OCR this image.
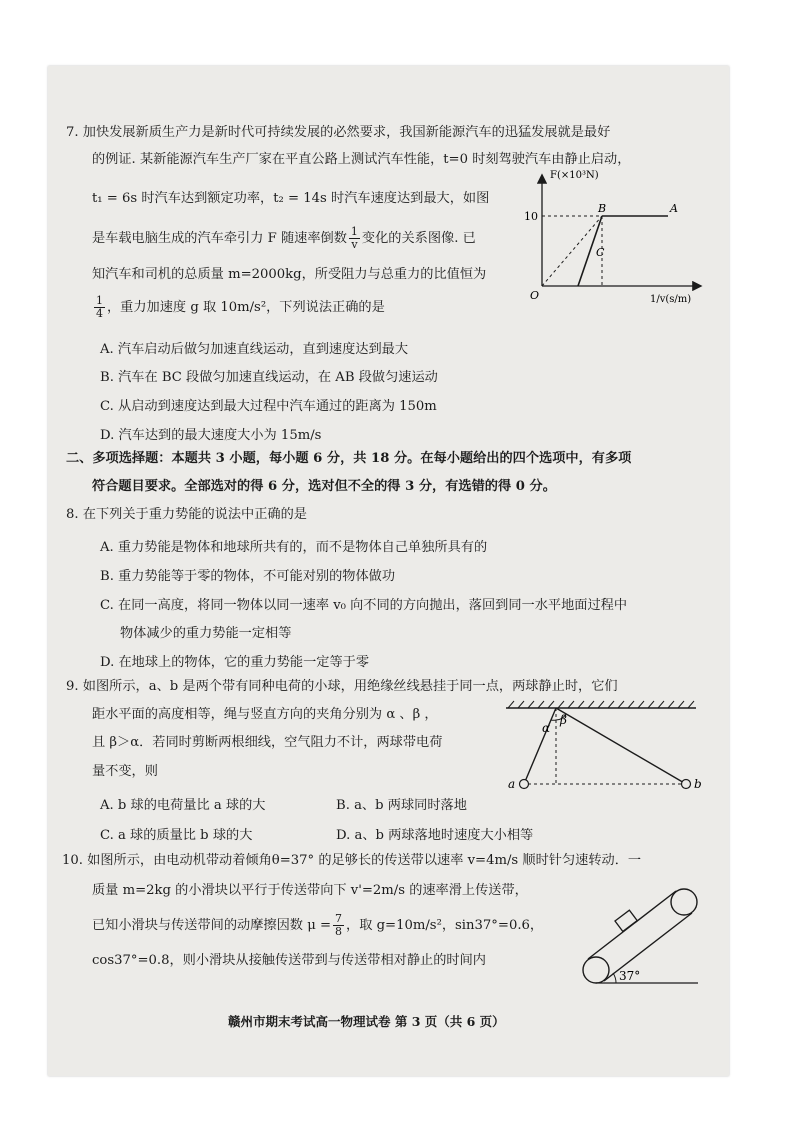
7. 加快发展新质生产力是新时代可持续发展的必然要求，我国新能源汽车的迅猛发展就是最好
的例证. 某新能源汽车生产厂家在平直公路上测试汽车性能，t=0 时刻驾驶汽车由静止启动，
t₁ = 6s 时汽车达到额定功率，t₂ = 14s 时汽车速度达到最大，如图
是车载电脑生成的汽车牵引力 F 随速率倒数 $\frac{1}{v}$ 变化的关系图像. 已
知汽车和司机的总质量 m=2000kg，所受阻力与总重力的比值恒为
$\frac{1}{4}$ ，重力加速度 g 取 10m/s²，下列说法正确的是
A. 汽车启动后做匀加速直线运动，直到速度达到最大
B. 汽车在 BC 段做匀加速直线运动，在 AB 段做匀速运动
C. 从启动到速度达到最大过程中汽车通过的距离为 150m
D. 汽车达到的最大速度大小为 15m/s
F(×10³N)
10
O
A
B
C
1/v(s/m)
二、多项选择题：本题共 3 小题，每小题 6 分，共 18 分。在每小题给出的四个选项中，有多项
符合题目要求。全部选对的得 6 分，选对但不全的得 3 分，有选错的得 0 分。
8. 在下列关于重力势能的说法中正确的是
A. 重力势能是物体和地球所共有的，而不是物体自己单独所具有的
B. 重力势能等于零的物体，不可能对别的物体做功
C. 在同一高度，将同一物体以同一速率 v₀ 向不同的方向抛出，落回到同一水平地面过程中
物体减少的重力势能一定相等
D. 在地球上的物体，它的重力势能一定等于零
9. 如图所示，a、b 是两个带有同种电荷的小球，用绝缘丝线悬挂于同一点，两球静止时，它们
距水平面的高度相等，绳与竖直方向的夹角分别为 α 、β ，
且 β＞α．若同时剪断两根细线，空气阻力不计，两球带电荷
量不变，则
A. b 球的电荷量比 a 球的大	B. a、b 两球同时落地
C. a 球的质量比 b 球的大	D. a、b 两球落地时速度大小相等
α
β
a	b
10. 如图所示，由电动机带动着倾角θ=37° 的足够长的传送带以速率 v=4m/s 顺时针匀速转动．一
质量 m=2kg 的小滑块以平行于传送带向下 v'=2m/s 的速率滑上传送带，
已知小滑块与传送带间的动摩擦因数 $\mu = \frac{7}{8}$ ，取 g=10m/s²，sin37°=0.6，
cos37°=0.8，则小滑块从接触传送带到与传送带相对静止的时间内
37°
赣州市期末考试高一物理试卷 第 3 页（共 6 页）
